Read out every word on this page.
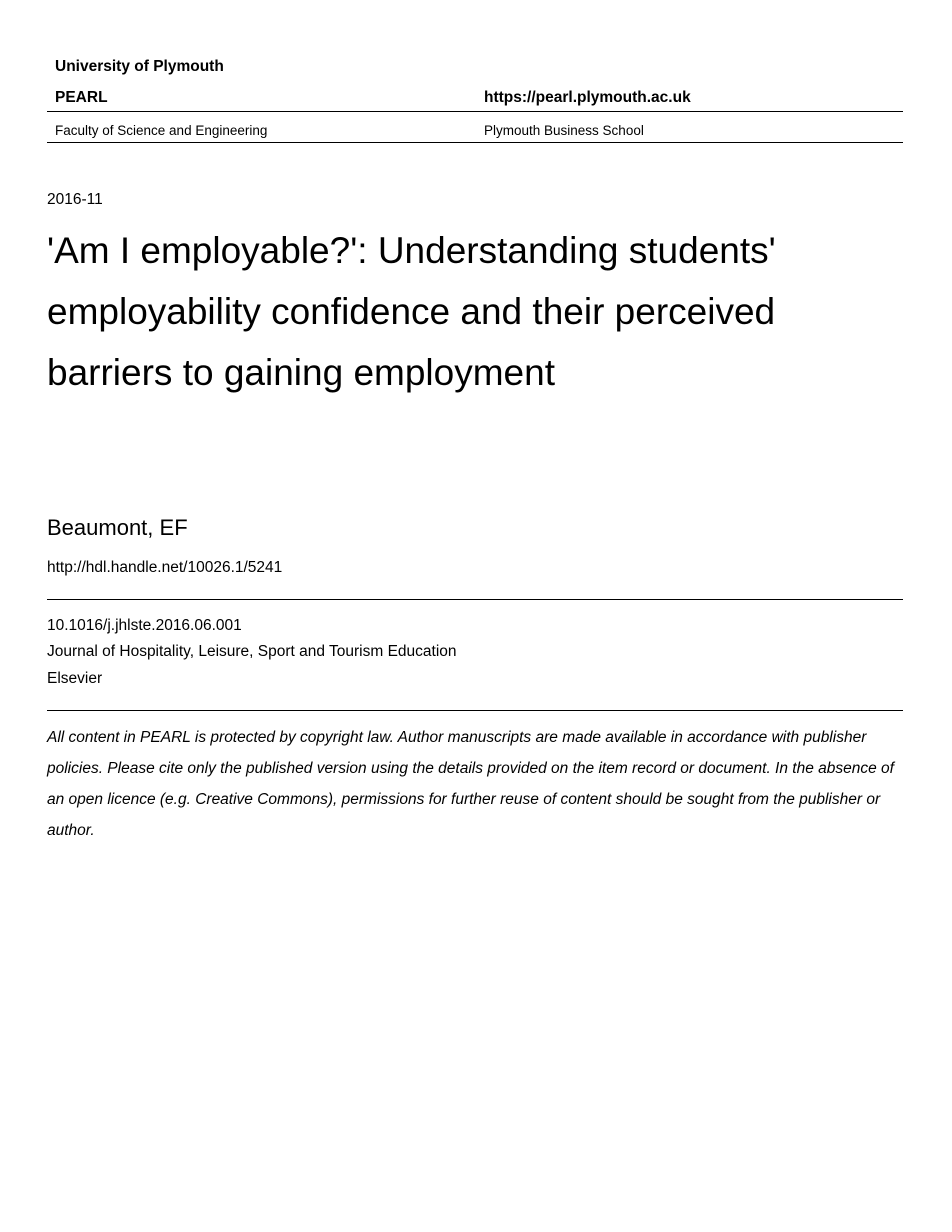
University of Plymouth
PEARL	https://pearl.plymouth.ac.uk
Faculty of Science and Engineering	Plymouth Business School
2016-11
'Am I employable?': Understanding students' employability confidence and their perceived barriers to gaining employment
Beaumont, EF
http://hdl.handle.net/10026.1/5241
10.1016/j.jhlste.2016.06.001
Journal of Hospitality, Leisure, Sport and Tourism Education
Elsevier

All content in PEARL is protected by copyright law. Author manuscripts are made available in accordance with publisher policies. Please cite only the published version using the details provided on the item record or document. In the absence of an open licence (e.g. Creative Commons), permissions for further reuse of content should be sought from the publisher or author.
